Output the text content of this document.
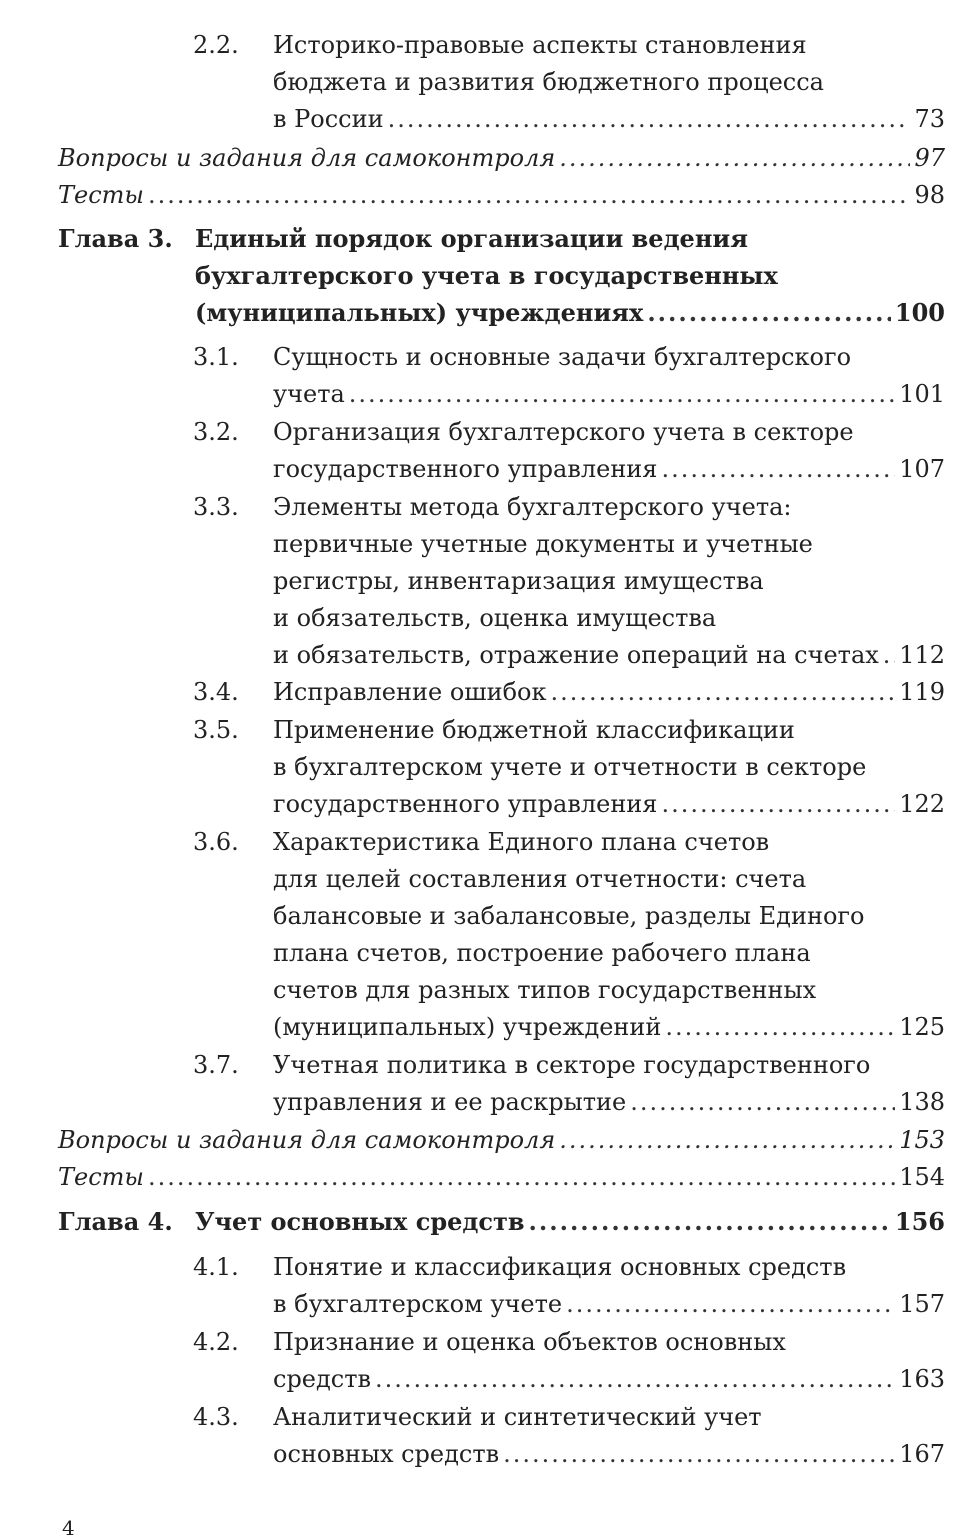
2.2. Историко-правовые аспекты становления
бюджета и развития бюджетного процесса
в России .....	73
Вопросы и задания для самоконтроля .....	97
Тесты .....	98
Глава 3. Единый порядок организации ведения
бухгалтерского учета в государственных
(муниципальных) учреждениях .....	100
3.1. Сущность и основные задачи бухгалтерского
учета .....	101
3.2. Организация бухгалтерского учета в секторе
государственного управления .....	107
3.3. Элементы метода бухгалтерского учета:
первичные учетные документы и учетные
регистры, инвентаризация имущества
и обязательств, оценка имущества
и обязательств, отражение операций на счетах ..... 112
3.4. Исправление ошибок .....	119
3.5. Применение бюджетной классификации
в бухгалтерском учете и отчетности в секторе
государственного управления .....	122
3.6. Характеристика Единого плана счетов
для целей составления отчетности: счета
балансовые и забалансовые, разделы Единого
плана счетов, построение рабочего плана
счетов для разных типов государственных
(муниципальных) учреждений .....	125
3.7. Учетная политика в секторе государственного
управления и ее раскрытие .....	138
Вопросы и задания для самоконтроля .....	153
Тесты .....	154
Глава 4. Учет основных средств .....	156
4.1. Понятие и классификация основных средств
в бухгалтерском учете .....	157
4.2. Признание и оценка объектов основных
средств .....	163
4.3. Аналитический и синтетический учет
основных средств .....	167
4
